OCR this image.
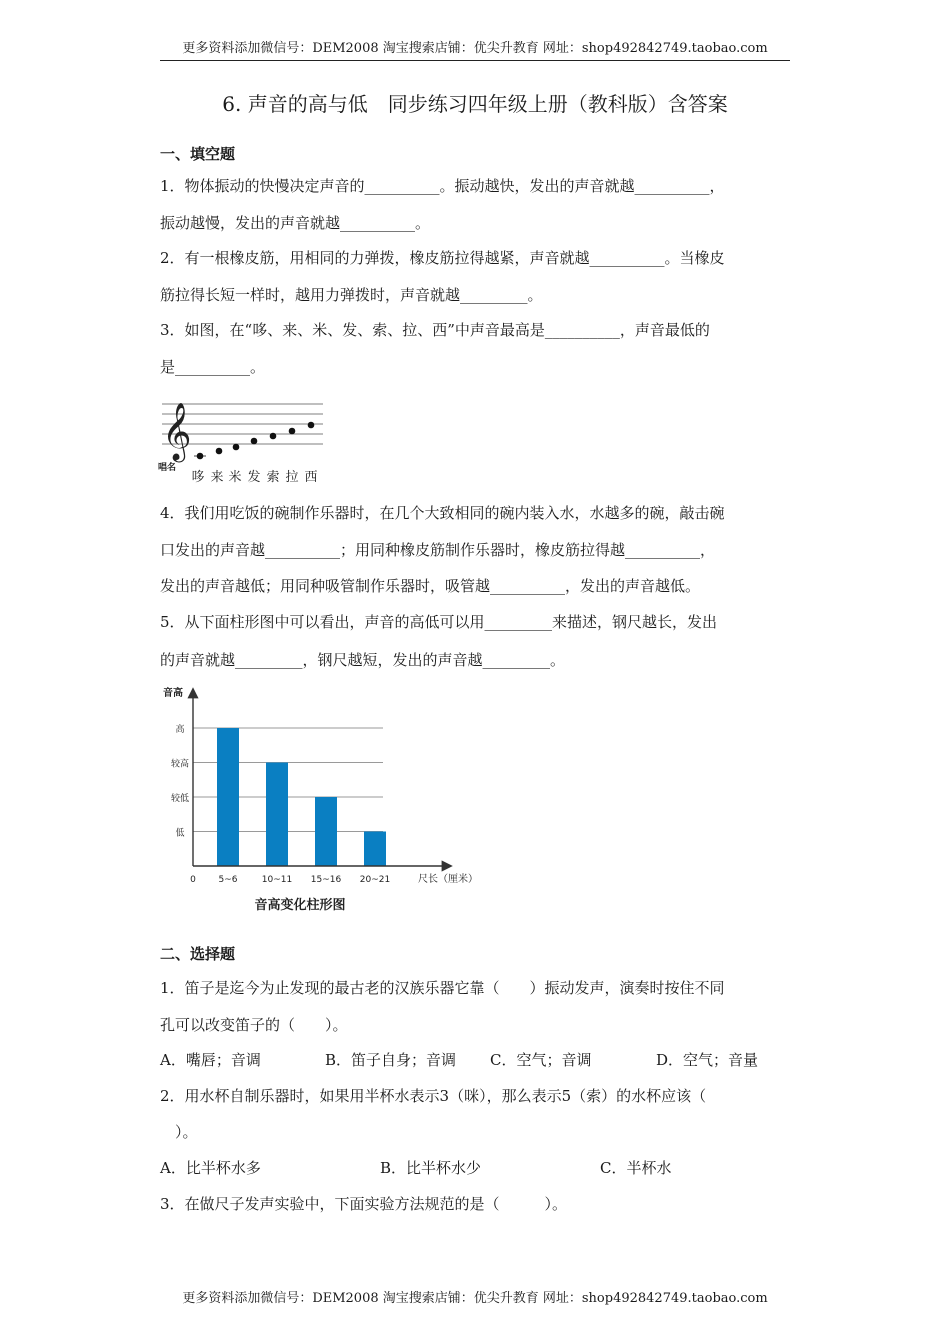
更多资料添加微信号：DEM2008 淘宝搜索店铺：优尖升教育 网址：shop492842749.taobao.com
6. 声音的高与低　同步练习四年级上册（教科版）含答案
一、填空题
1．物体振动的快慢决定声音的__________。振动越快，发出的声音就越__________，
振动越慢，发出的声音就越__________。
2．有一根橡皮筋，用相同的力弹拨，橡皮筋拉得越紧，声音就越__________。当橡皮
筋拉得长短一样时，越用力弹拨时，声音就越_________。
3．如图，在“哆、来、米、发、索、拉、西”中声音最高是__________，声音最低的
是__________。
𝄞
唱名
哆 来 米 发 索 拉 西
4．我们用吃饭的碗制作乐器时，在几个大致相同的碗内装入水，水越多的碗，敲击碗
口发出的声音越__________；用同种橡皮筋制作乐器时，橡皮筋拉得越__________，
发出的声音越低；用同种吸管制作乐器时，吸管越__________，发出的声音越低。
5．从下面柱形图中可以看出，声音的高低可以用_________来描述，钢尺越长，发出
的声音就越_________，钢尺越短，发出的声音越_________。
低
较低
较高
高
5~6	10~11 15~16 20~21
音高
尺长（厘米）
0
音高变化柱形图
二、选择题
1．笛子是迄今为止发现的最古老的汉族乐器它靠（　　）振动发声，演奏时按住不同
孔可以改变笛子的（　　）。
A．嘴唇；音调	B．笛子自身；音调 C．空气；音调	D．空气；音量
2．用水杯自制乐器时，如果用半杯水表示3（咪），那么表示5（索）的水杯应该（
　）。
A．比半杯水多	B．比半杯水少	C．半杯水
3．在做尺子发声实验中，下面实验方法规范的是（　　　）。
更多资料添加微信号：DEM2008 淘宝搜索店铺：优尖升教育 网址：shop492842749.taobao.com
